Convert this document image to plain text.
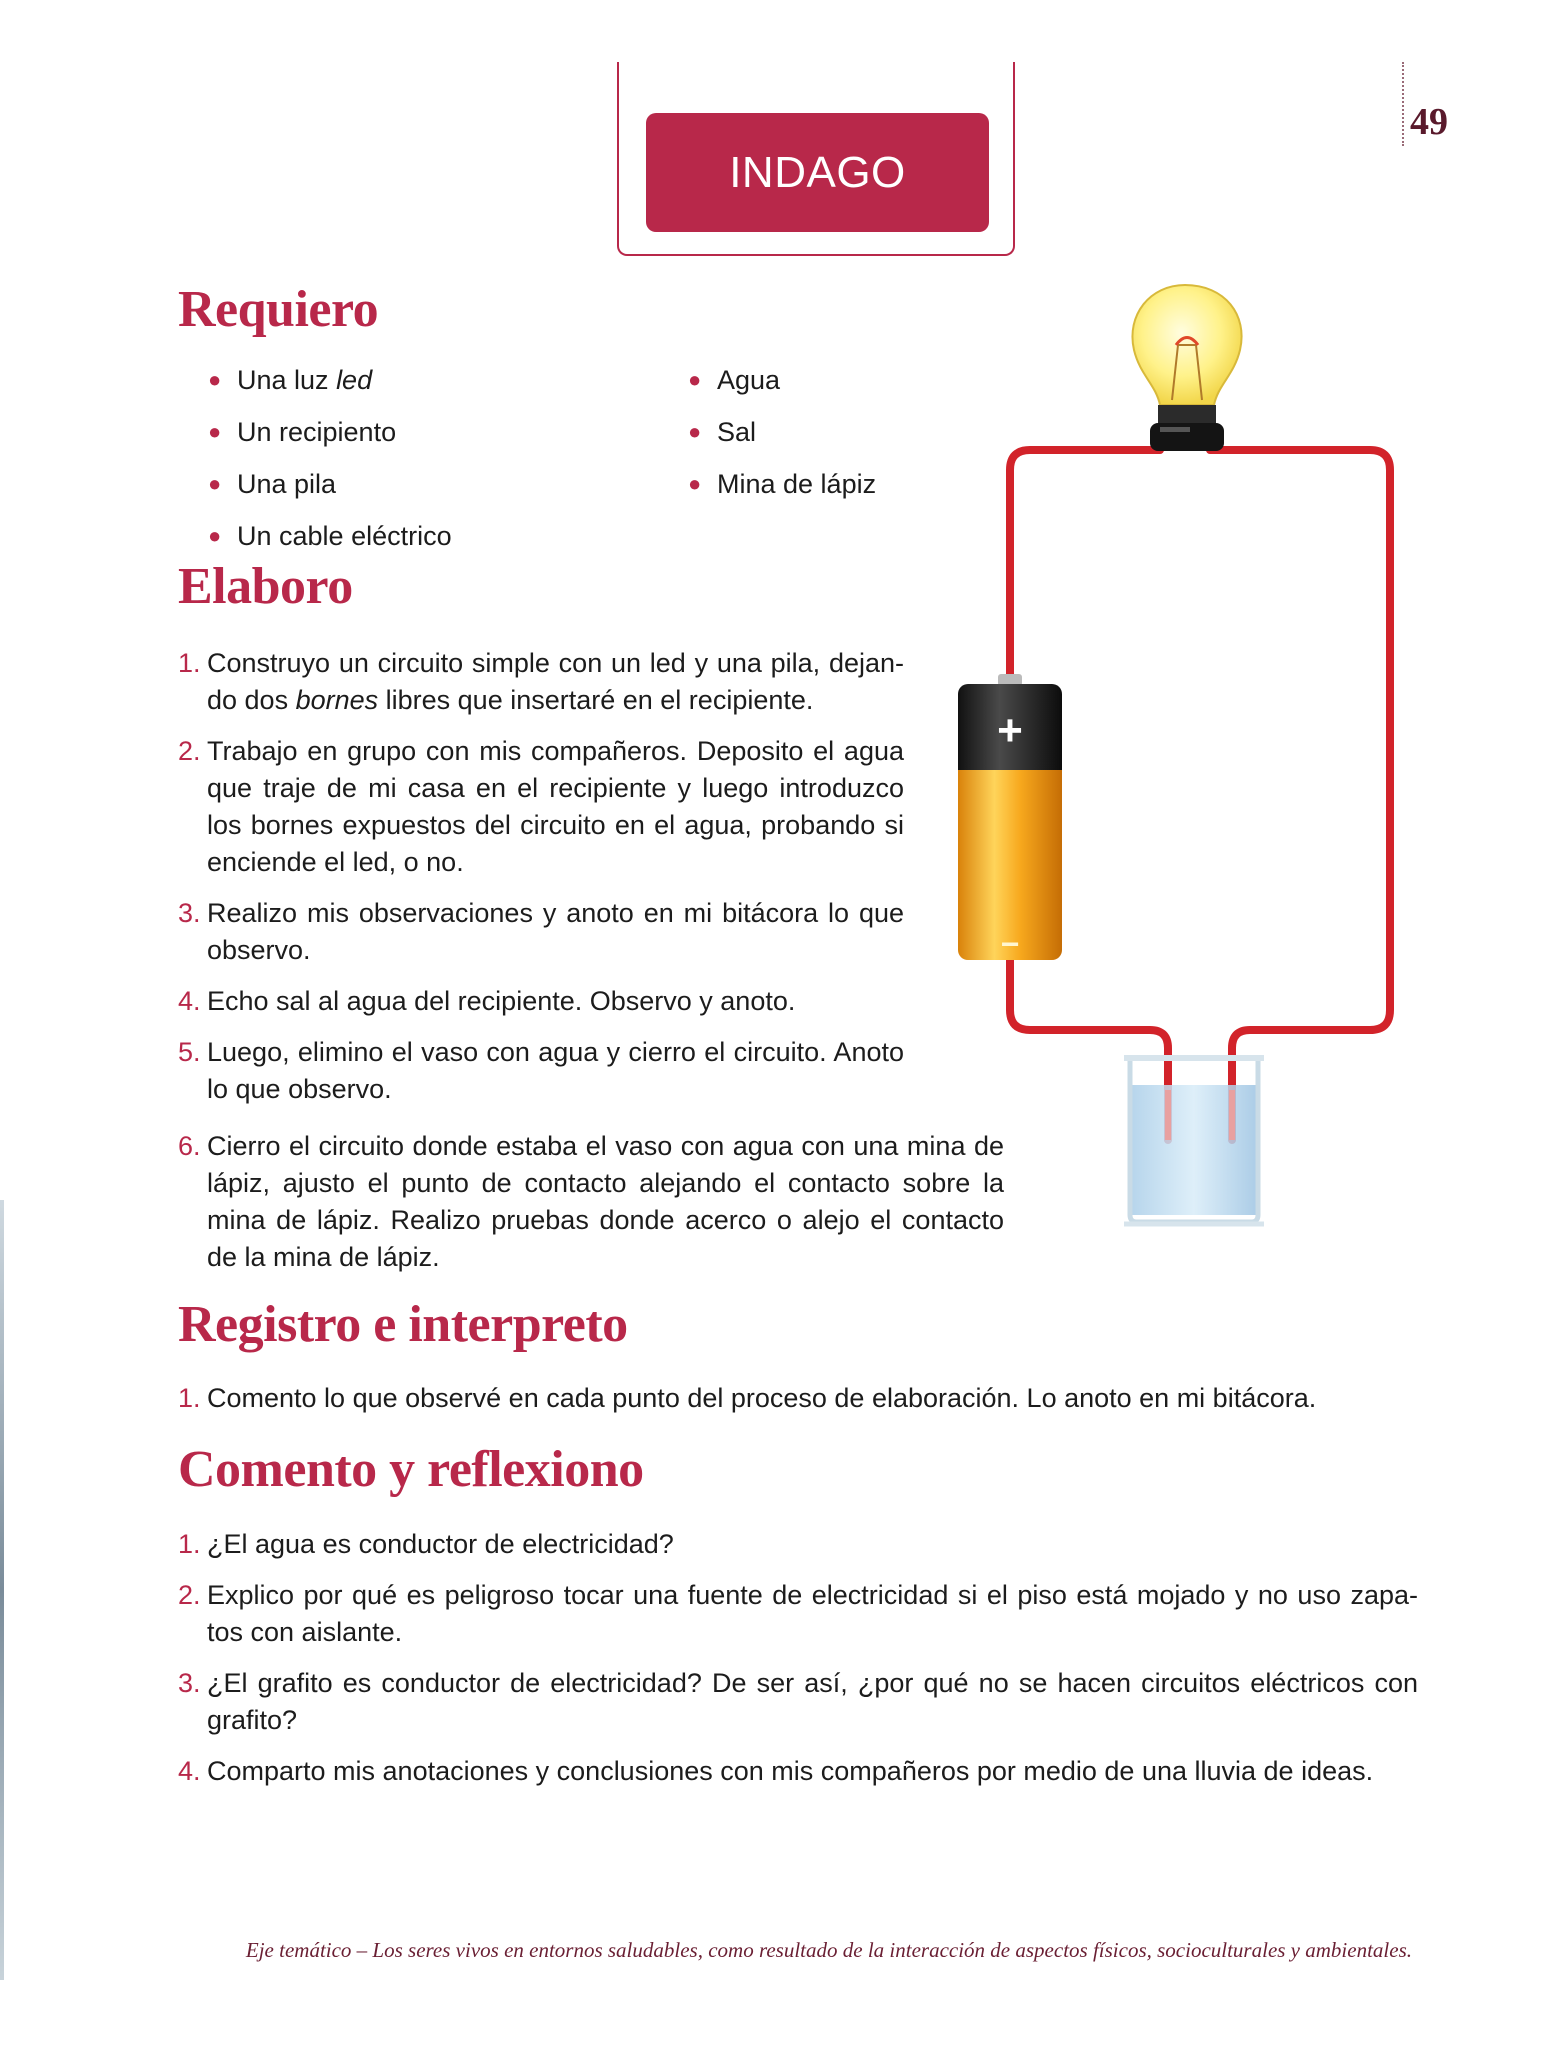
INDAGO
49
Requiero
● Una luz led
● Un recipiento
● Una pila
● Un cable eléctrico
● Agua
● Sal
● Mina de lápiz
Elaboro
1. Construyo un circuito simple con un led y una pila, dejan-do dos bornes libres que insertaré en el recipiente.
2. Trabajo en grupo con mis compañeros. Deposito el agua que traje de mi casa en el recipiente y luego introduzco los bornes expuestos del circuito en el agua, probando si enciende el led, o no.
3. Realizo mis observaciones y anoto en mi bitácora lo que observo.
4. Echo sal al agua del recipiente. Observo y anoto.
5. Luego, elimino el vaso con agua y cierro el circuito. Anoto lo que observo.
6. Cierro el circuito donde estaba el vaso con agua con una mina de lápiz, ajusto el punto de contacto alejando el contacto sobre la mina de lápiz. Realizo pruebas donde acerco o alejo el contacto de la mina de lápiz.
Registro e interpreto
1. Comento lo que observé en cada punto del proceso de elaboración. Lo anoto en mi bitácora.
Comento y reflexiono
1. ¿El agua es conductor de electricidad?
2. Explico por qué es peligroso tocar una fuente de electricidad si el piso está mojado y no uso zapa-tos con aislante.
3. ¿El grafito es conductor de electricidad? De ser así, ¿por qué no se hacen circuitos eléctricos con grafito?
4. Comparto mis anotaciones y conclusiones con mis compañeros por medio de una lluvia de ideas.
+
−
Eje temático – Los seres vivos en entornos saludables, como resultado de la interacción de aspectos físicos, socioculturales y ambientales.
